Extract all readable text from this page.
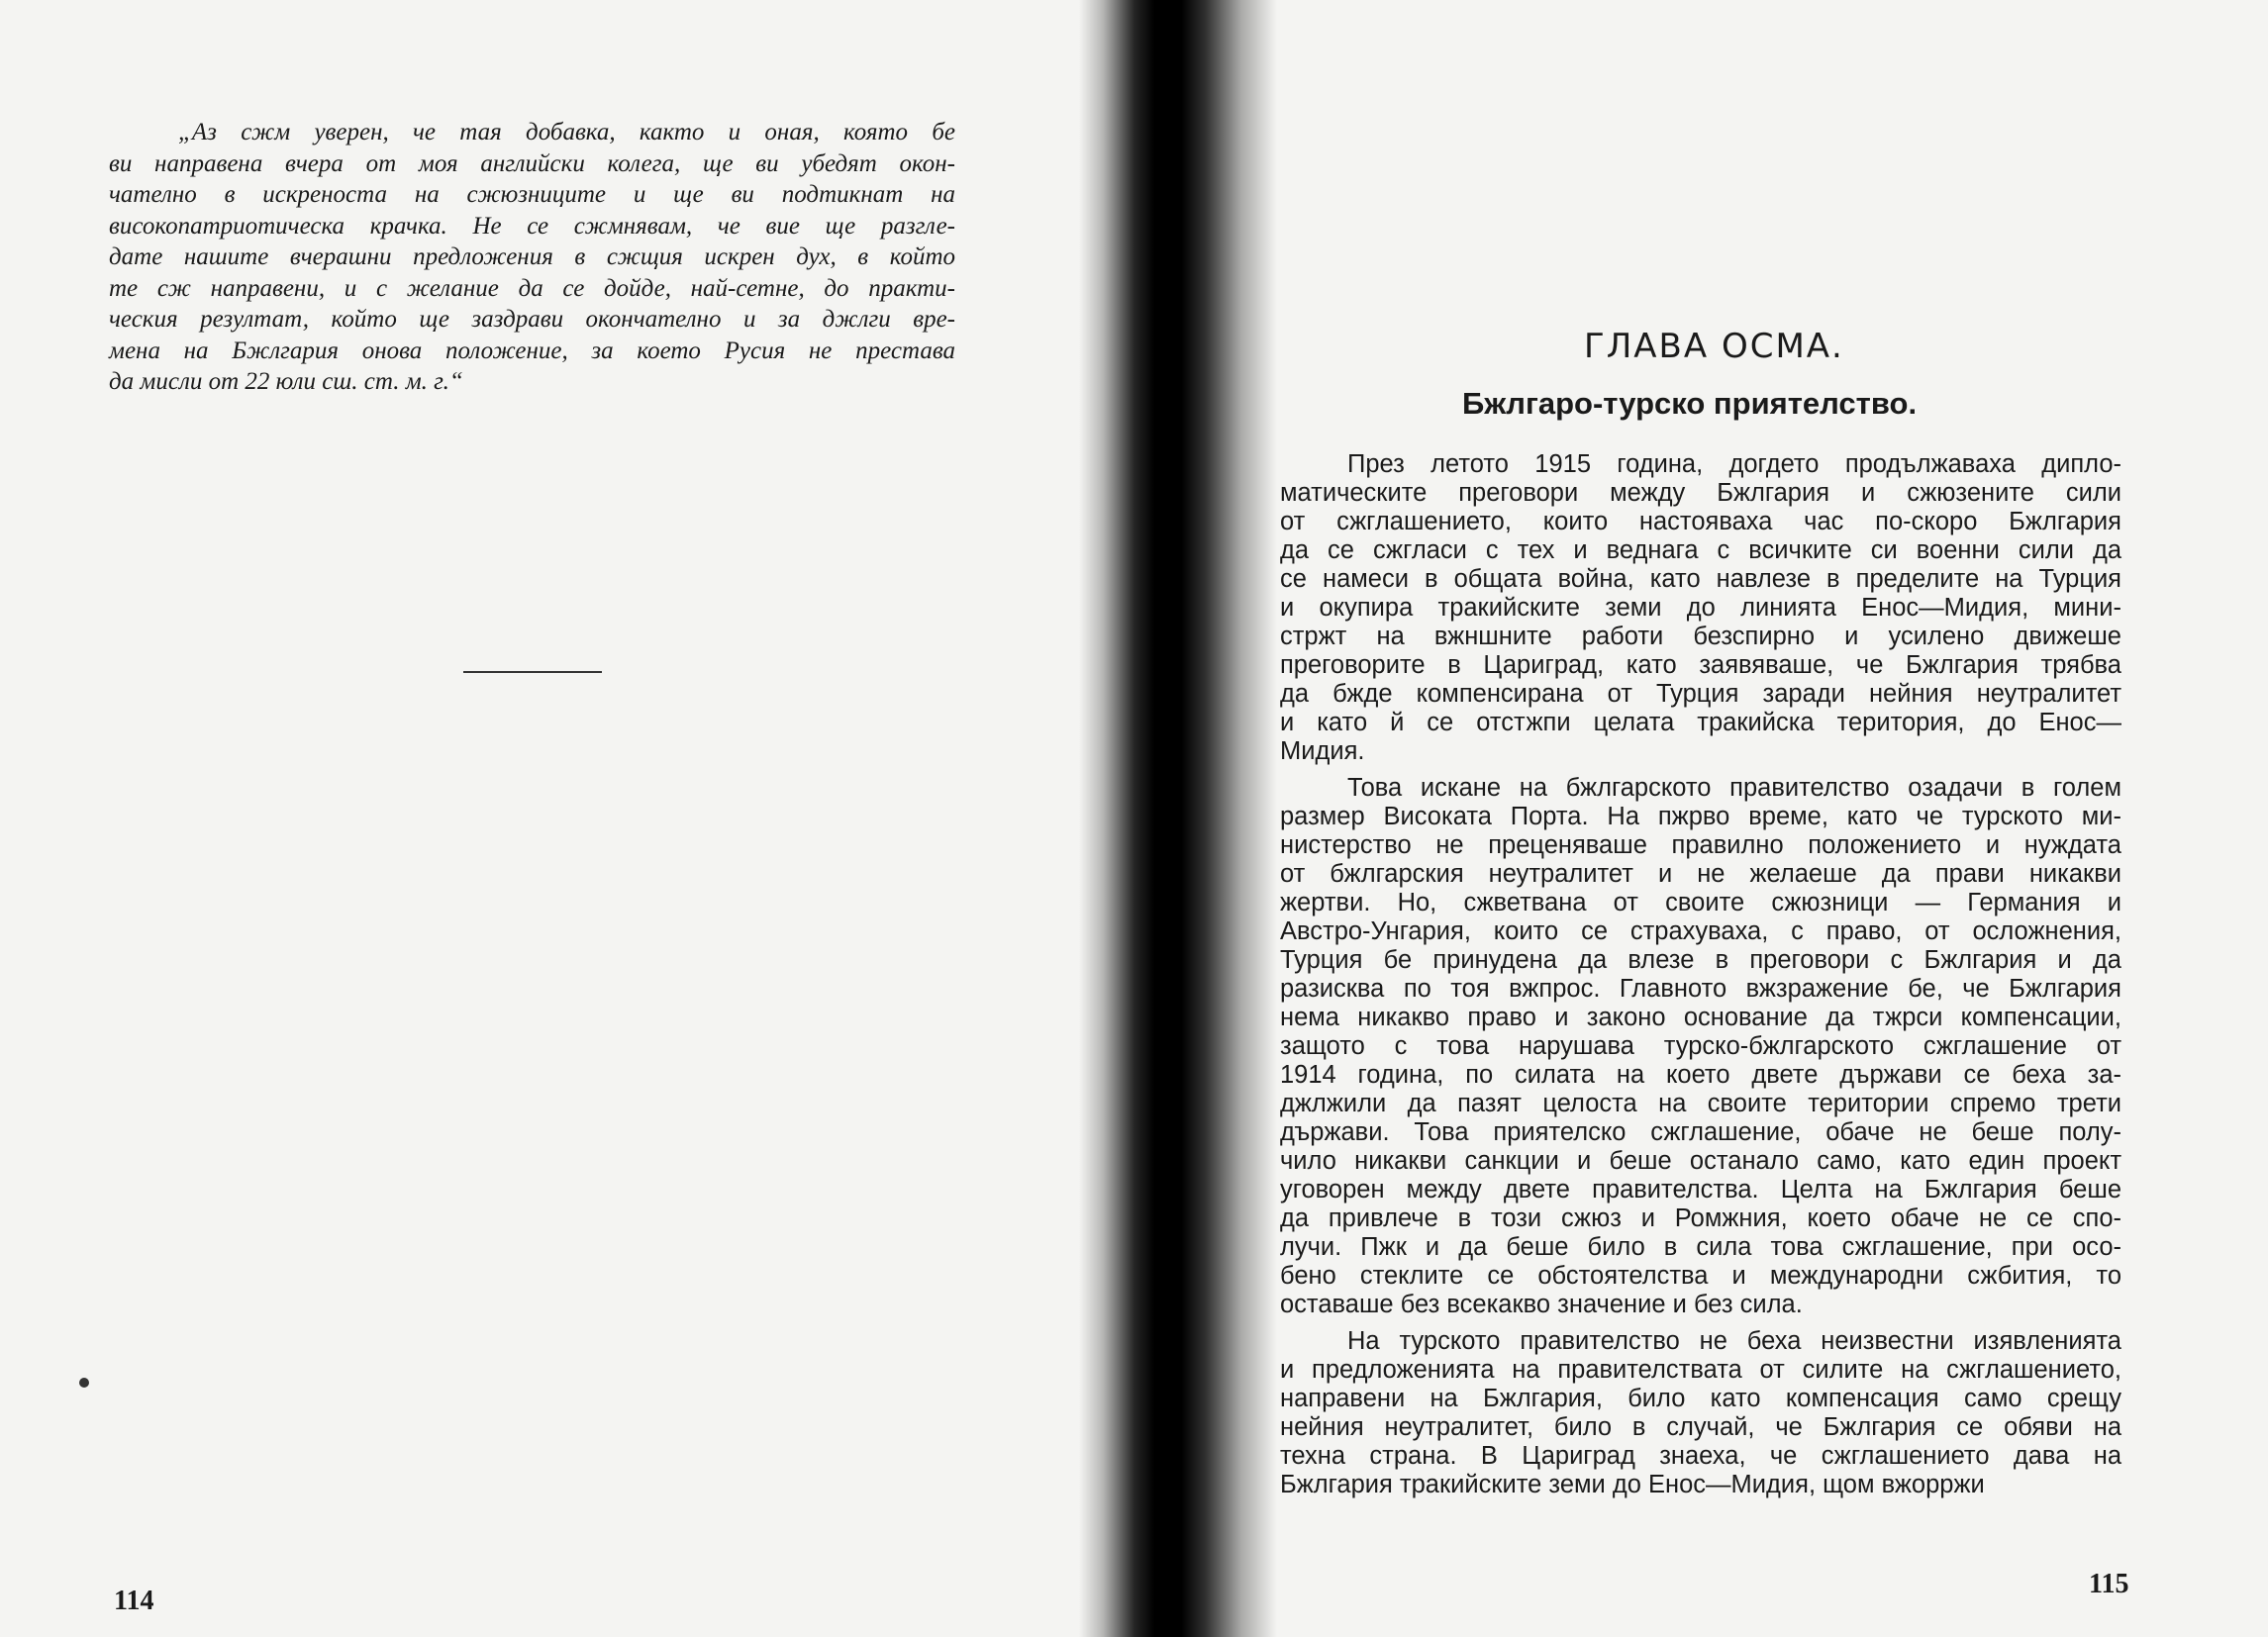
„Аз сжм уверен, че тая добавка, както и оная, която бе
ви направена вчера от моя английски колега, ще ви убедят окон-
чателно в искреноста на сжюзниците и ще ви подтикнат на
високопатриотическа крачка. Не се сжмнявам, че вие ще разгле-
дате нашите вчерашни предложения в сжщия искрен дух, в който
те сж направени, и с желание да се дойде, най-сетне, до практи-
ческия резултат, който ще заздрави окончателно и за джлги вре-
мена на Бжлгария онова положение, за което Русия не престава
да мисли от 22 юли сш. ст. м. г.“

114
ГЛАВА ОСМА.
Бжлгаро-турско приятелство.

През летото 1915 година, догдето продължаваха дипло-
матическите преговори между Бжлгария и сжюзените сили
от сжглашението, които настояваха час по-скоро Бжлгария
да се сжгласи с тех и веднага с всичките си военни сили да
се намеси в общата война, като навлезе в пределите на Турция
и окупира тракийските земи до линията Енос—Мидия, мини-
стржт на вжншните работи безспирно и усилено движеше
преговорите в Цариград, като заявяваше, че Бжлгария трябва
да бжде компенсирана от Турция заради нейния неутралитет
и като й се отстжпи целата тракийска територия, до Енос—
Мидия.

Това искане на бжлгарското правителство озадачи в голем
размер Високата Порта. На пжрво време, като че турското ми-
нистерство не преценяваше правилно положението и нуждата
от бжлгарския неутралитет и не желаеше да прави никакви
жертви. Но, сжветвана от своите сжюзници — Германия и
Австро-Унгария, които се страхуваха, с право, от осложнения,
Турция бе принудена да влезе в преговори с Бжлгария и да
разисква по тоя вжпрос. Главното вжзражение бе, че Бжлгария
нема никакво право и законо основание да тжрси компенсации,
защото с това нарушава турско-бжлгарското сжглашение от
1914 година, по силата на което двете държави се беха за-
джлжили да пазят целоста на своите територии спремо трети
държави. Това приятелско сжглашение, обаче не беше полу-
чило никакви санкции и беше останало само, като един проект
уговорен между двете правителства. Целта на Бжлгария беше
да привлече в този сжюз и Ромжния, което обаче не се спо-
лучи. Пжк и да беше било в сила това сжглашение, при осо-
бено стеклите се обстоятелства и международни сжбития, то
оставаше без всекакво значение и без сила.

На турското правителство не беха неизвестни изявленията
и предложенията на правителствата от силите на сжглашението,
направени на Бжлгария, било като компенсация само срещу
нейния неутралитет, било в случай, че Бжлгария се обяви на
техна страна. В Цариград знаеха, че сжглашението дава на
Бжлгария тракийските земи до Енос—Мидия, щом вжорржи

115
